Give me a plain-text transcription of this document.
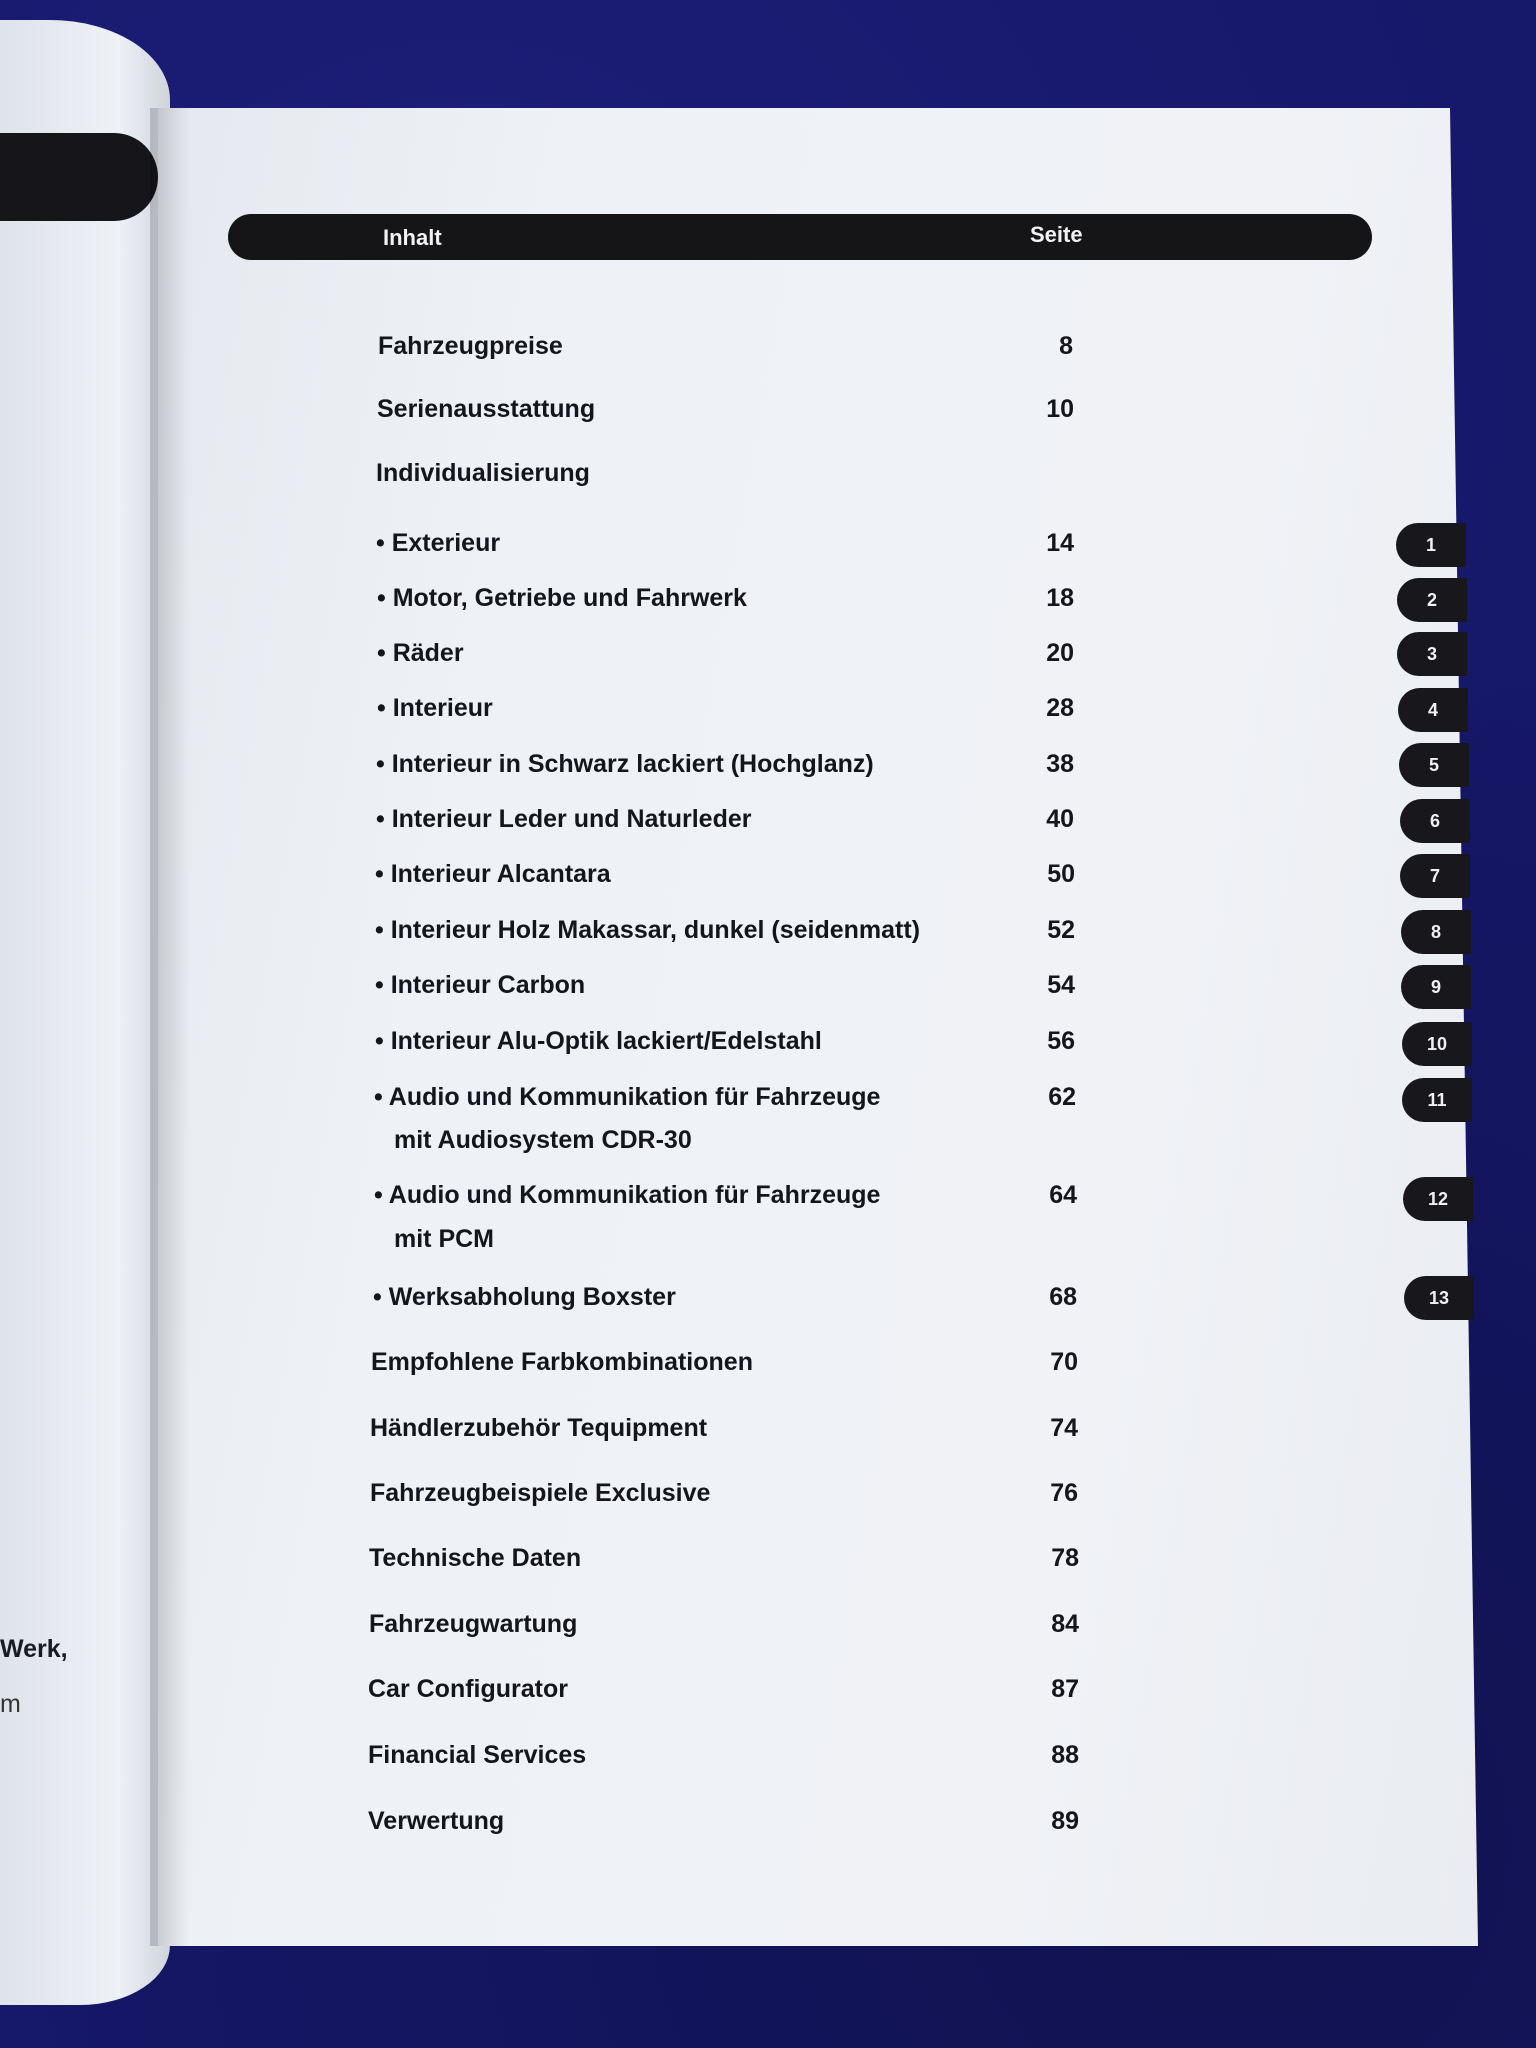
Werk,
m
Inhalt	Seite
Fahrzeugpreise	8
Serienausstattung	10
Individualisierung
• Exterieur	14
• Motor, Getriebe und Fahrwerk	18
• Räder	20
• Interieur	28
• Interieur in Schwarz lackiert (Hochglanz)	38
• Interieur Leder und Naturleder	40
• Interieur Alcantara	50
• Interieur Holz Makassar, dunkel (seidenmatt)	52
• Interieur Carbon	54
• Interieur Alu-Optik lackiert/Edelstahl	56
• Audio und Kommunikation für Fahrzeuge	62
mit Audiosystem CDR-30
• Audio und Kommunikation für Fahrzeuge	64
mit PCM
• Werksabholung Boxster	68
Empfohlene Farbkombinationen	70
Händlerzubehör Tequipment	74
Fahrzeugbeispiele Exclusive	76
Technische Daten	78
Fahrzeugwartung	84
Car Configurator	87
Financial Services	88
Verwertung	89
1
2
3
4
5
6
7
8
9
10
11
12
13
